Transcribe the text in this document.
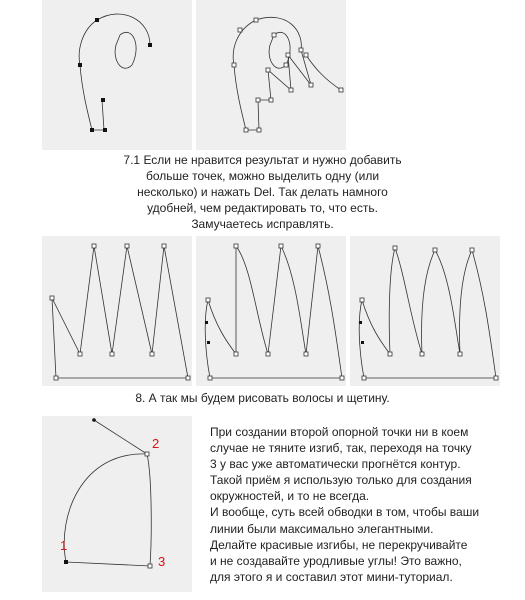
7.1 Если не нравится результат и нужно добавить
больше точек, можно выделить одну (или
несколько) и нажать Del. Так делать намного
удобней, чем редактировать то, что есть.
Замучаетесь исправлять.
8. А так мы будем рисовать волосы и щетину.
2
1
3
При создании второй опорной точки ни в коем
случае не тяните изгиб, так, переходя на точку
3 у вас уже автоматически прогнётся контур.
Такой приём я использую только для создания
окружностей, и то не всегда.
И вообще, суть всей обводки в том, чтобы ваши
линии были максимально элегантными.
Делайте красивые изгибы, не перекручивайте
и не создавайте уродливые углы! Это важно,
для этого я и составил этот мини-туториал.
